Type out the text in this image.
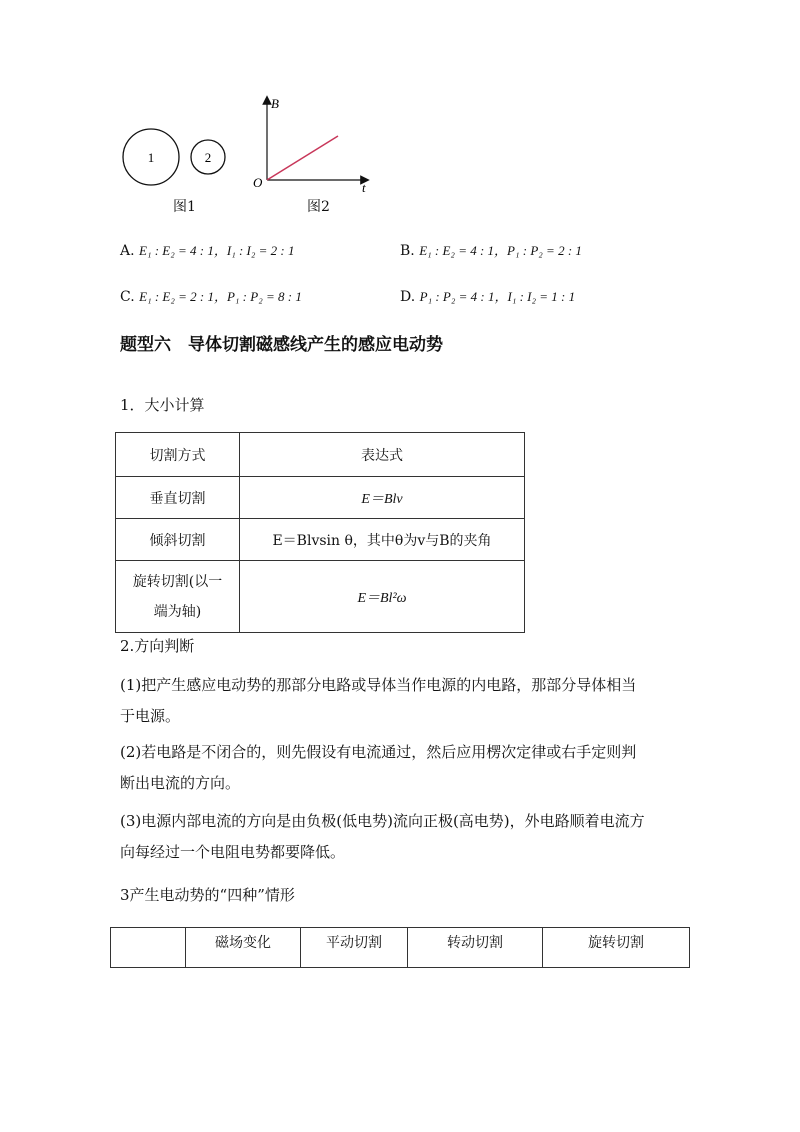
1	2
图1
B
t
O
图2
A. E₁ : E₂ = 4 : 1，I₁ : I₂ = 2 : 1	B. E₁ : E₂ = 4 : 1，P₁ : P₂ = 2 : 1
C. E₁ : E₂ = 2 : 1，P₁ : P₂ = 8 : 1	D. P₁ : P₂ = 4 : 1，I₁ : I₂ = 1 : 1
题型六　导体切割磁感线产生的感应电动势
1．大小计算
切割方式	表达式
垂直切割	E＝Blv
倾斜切割	E＝Blvsin θ，其中θ为v与B的夹角

旋转切割(以一
端为轴)	E＝Bl²ω
2.方向判断
(1)把产生感应电动势的那部分电路或导体当作电源的内电路，那部分导体相当
于电源。
(2)若电路是不闭合的，则先假设有电流通过，然后应用楞次定律或右手定则判
断出电流的方向。
(3)电源内部电流的方向是由负极(低电势)流向正极(高电势)，外电路顺着电流方
向每经过一个电阻电势都要降低。
3产生电动势的“四种”情形
	磁场变化	平动切割	转动切割	旋转切割
